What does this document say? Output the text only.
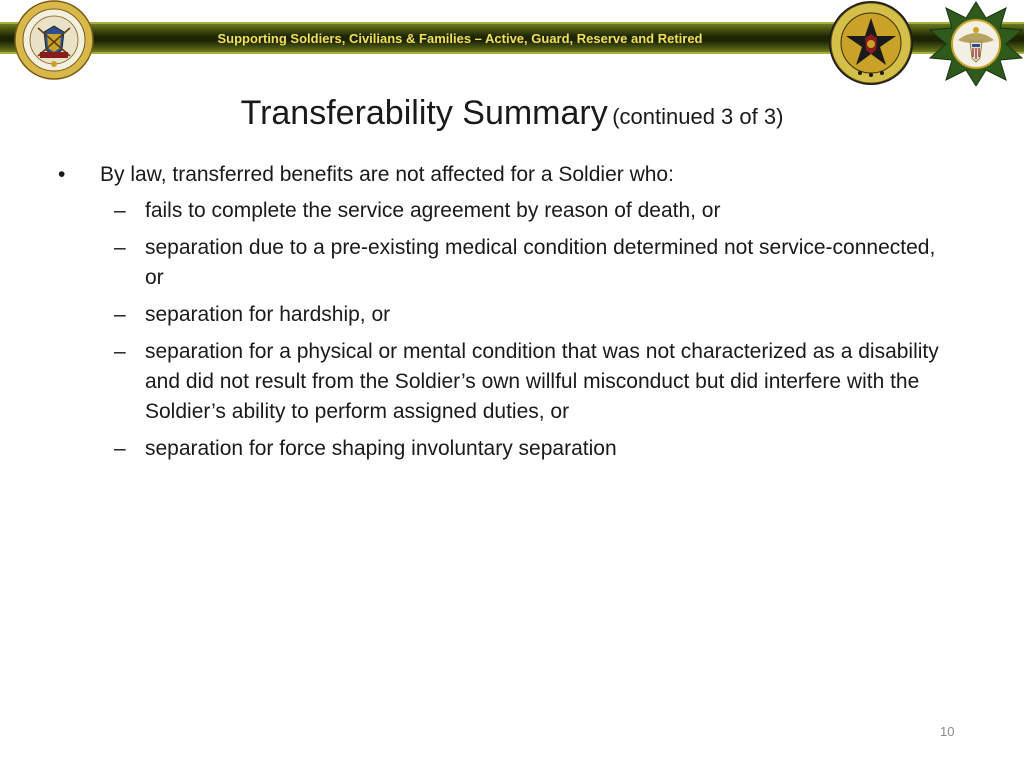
Supporting Soldiers, Civilians & Families – Active, Guard, Reserve and Retired
Transferability Summary (continued 3 of 3)
• By law, transferred benefits are not affected for a Soldier who:
– fails to complete the service agreement by reason of death, or
– separation due to a pre-existing medical condition determined not service-connected, or
– separation for hardship, or
– separation for a physical or mental condition that was not characterized as a disability and did not result from the Soldier’s own willful misconduct but did interfere with the Soldier’s ability to perform assigned duties, or
– separation for force shaping involuntary separation
10
